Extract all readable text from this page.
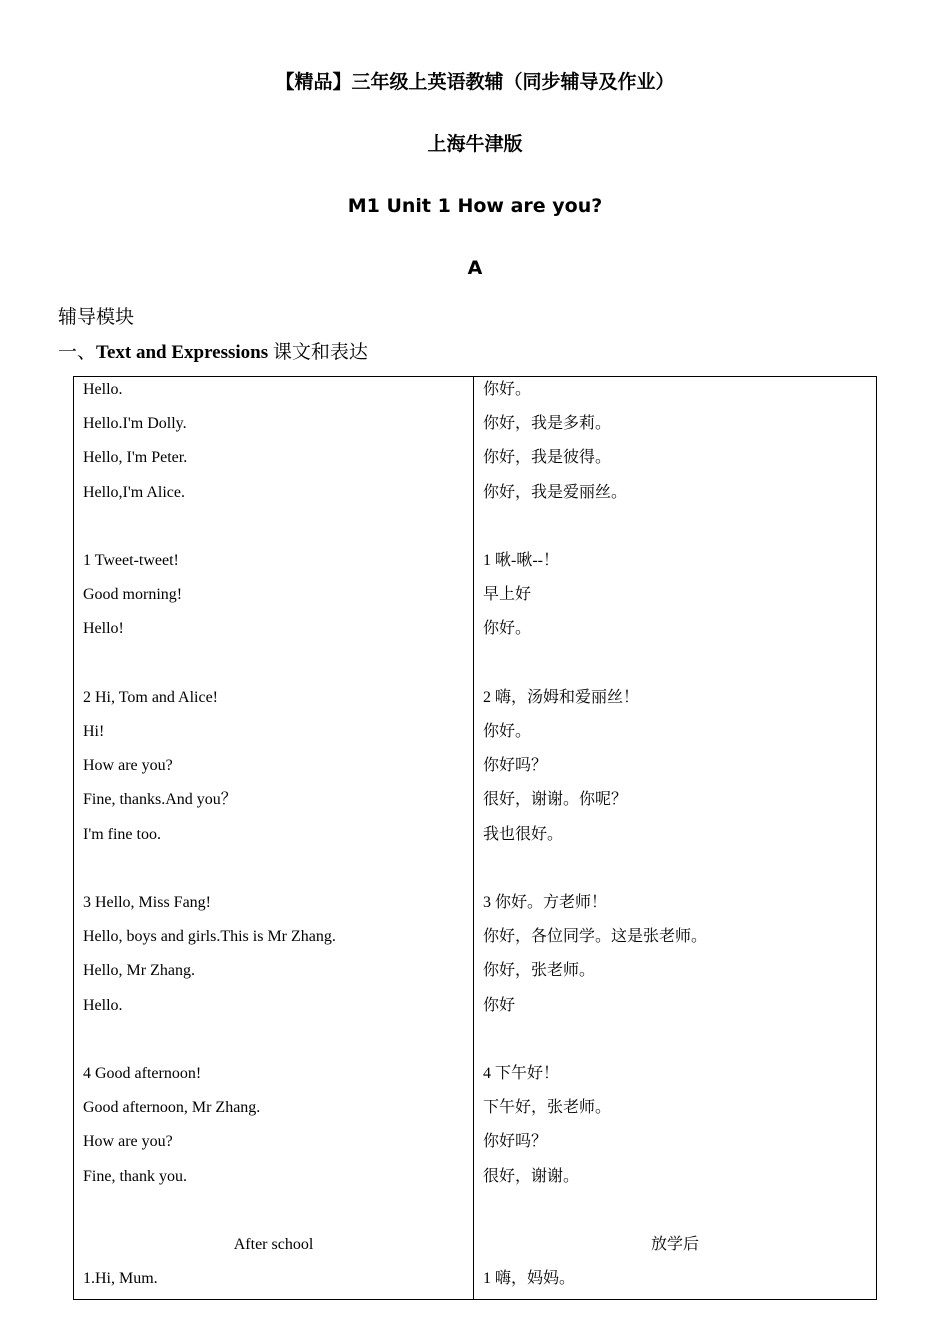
【精品】三年级上英语教辅（同步辅导及作业）
上海牛津版
M1 Unit 1 How are you?
A
辅导模块
一、Text and Expressions 课文和表达
Hello.
Hello.I'm Dolly.
Hello, I'm Peter.
Hello,I'm Alice.
1 Tweet-tweet!
Good morning!
Hello!
2 Hi, Tom and Alice!
Hi!
How are you?
Fine, thanks.And you？
I'm fine too.
3 Hello, Miss Fang!
Hello, boys and girls.This is Mr Zhang.
Hello, Mr Zhang.
Hello.
4 Good afternoon!
Good afternoon, Mr Zhang.
How are you?
Fine, thank you.
After school
1.Hi, Mum.
你好。
你好，我是多莉。
你好，我是彼得。
你好，我是爱丽丝。
1 啾-啾--！
早上好
你好。
2 嗨，汤姆和爱丽丝！
你好。
你好吗？
很好，谢谢。你呢？
我也很好。
3 你好。方老师！
你好，各位同学。这是张老师。
你好，张老师。
你好
4 下午好！
下午好，张老师。
你好吗？
很好，谢谢。
放学后
1 嗨，妈妈。
